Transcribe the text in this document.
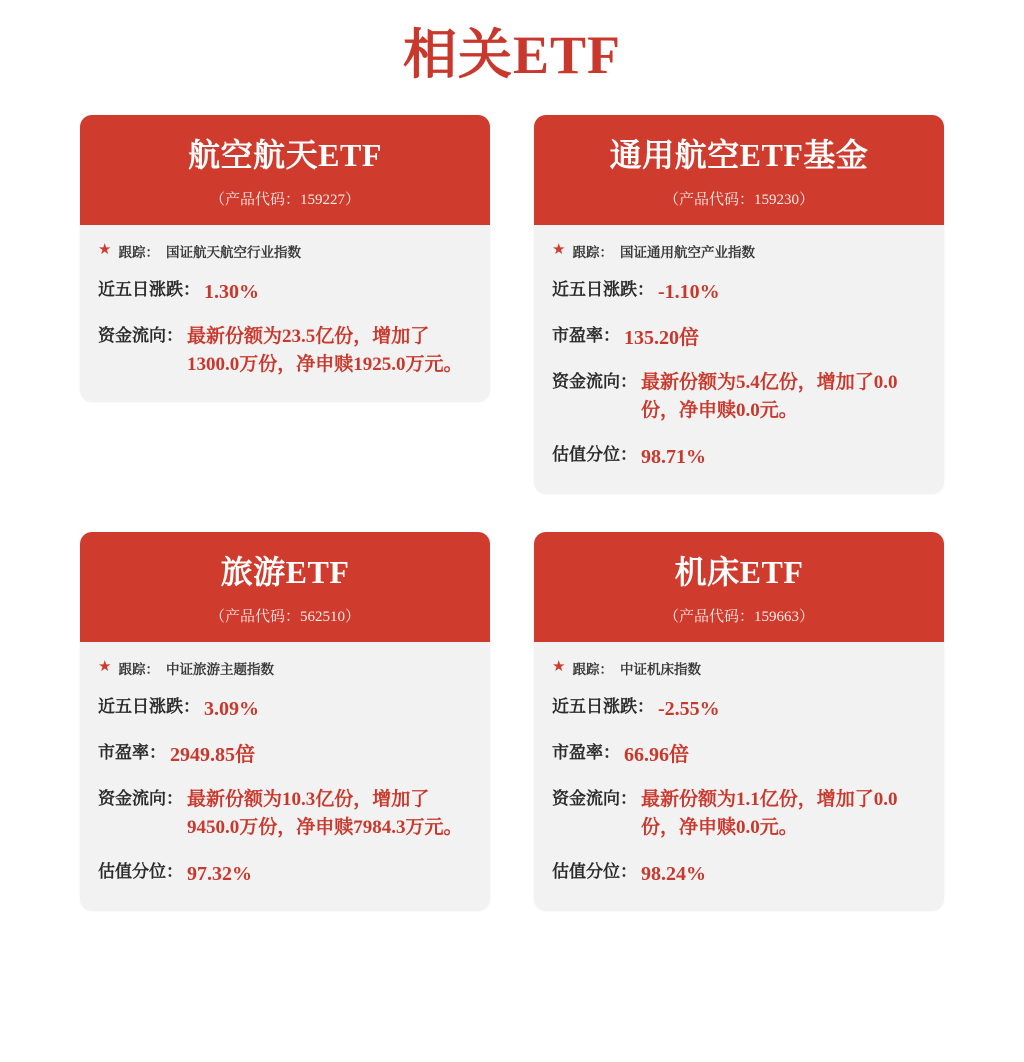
相关ETF
航空航天ETF
（产品代码：159227）
★ 跟踪： 国证航天航空行业指数
近五日涨跌： 1.30%
资金流向： 最新份额为23.5亿份，增加了1300.0万份，净申赎1925.0万元。
通用航空ETF基金
（产品代码：159230）
★ 跟踪： 国证通用航空产业指数
近五日涨跌： -1.10%
市盈率： 135.20倍
资金流向： 最新份额为5.4亿份，增加了0.0份，净申赎0.0元。
估值分位： 98.71%
旅游ETF
（产品代码：562510）
★ 跟踪： 中证旅游主题指数
近五日涨跌： 3.09%
市盈率： 2949.85倍
资金流向： 最新份额为10.3亿份，增加了9450.0万份，净申赎7984.3万元。
估值分位： 97.32%
机床ETF
（产品代码：159663）
★ 跟踪： 中证机床指数
近五日涨跌： -2.55%
市盈率： 66.96倍
资金流向： 最新份额为1.1亿份，增加了0.0份，净申赎0.0元。
估值分位： 98.24%
